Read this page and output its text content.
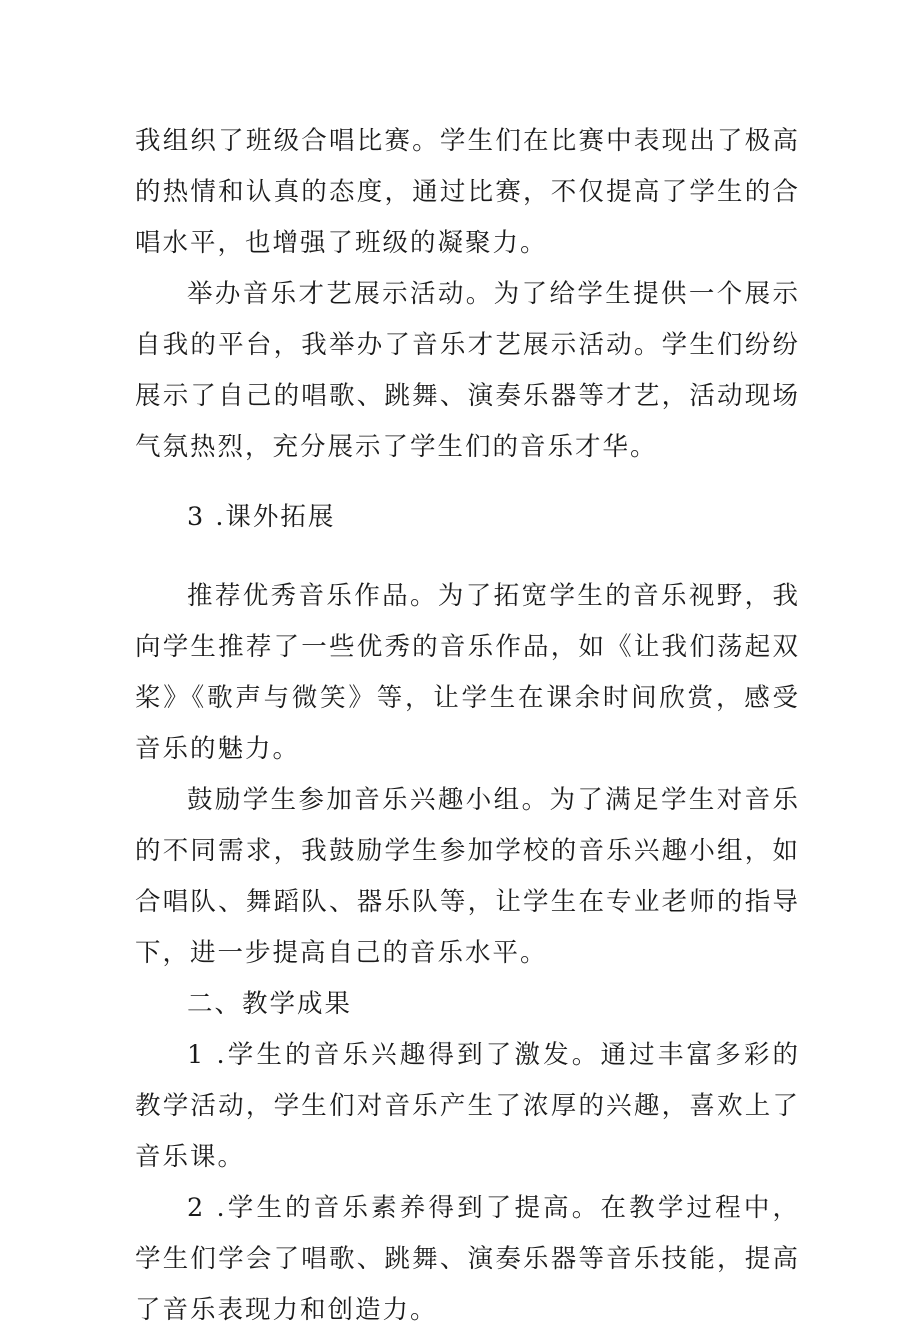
我组织了班级合唱比赛。学生们在比赛中表现出了极高的热情和认真的态度，通过比赛，不仅提高了学生的合唱水平，也增强了班级的凝聚力。

举办音乐才艺展示活动。为了给学生提供一个展示自我的平台，我举办了音乐才艺展示活动。学生们纷纷展示了自己的唱歌、跳舞、演奏乐器等才艺，活动现场气氛热烈，充分展示了学生们的音乐才华。

3 .课外拓展

推荐优秀音乐作品。为了拓宽学生的音乐视野，我向学生推荐了一些优秀的音乐作品，如《让我们荡起双桨》《歌声与微笑》等，让学生在课余时间欣赏，感受音乐的魅力。

鼓励学生参加音乐兴趣小组。为了满足学生对音乐的不同需求，我鼓励学生参加学校的音乐兴趣小组，如合唱队、舞蹈队、器乐队等，让学生在专业老师的指导下，进一步提高自己的音乐水平。

二、教学成果

1 .学生的音乐兴趣得到了激发。通过丰富多彩的教学活动，学生们对音乐产生了浓厚的兴趣，喜欢上了音乐课。

2 .学生的音乐素养得到了提高。在教学过程中，学生们学会了唱歌、跳舞、演奏乐器等音乐技能，提高了音乐表现力和创造力。
